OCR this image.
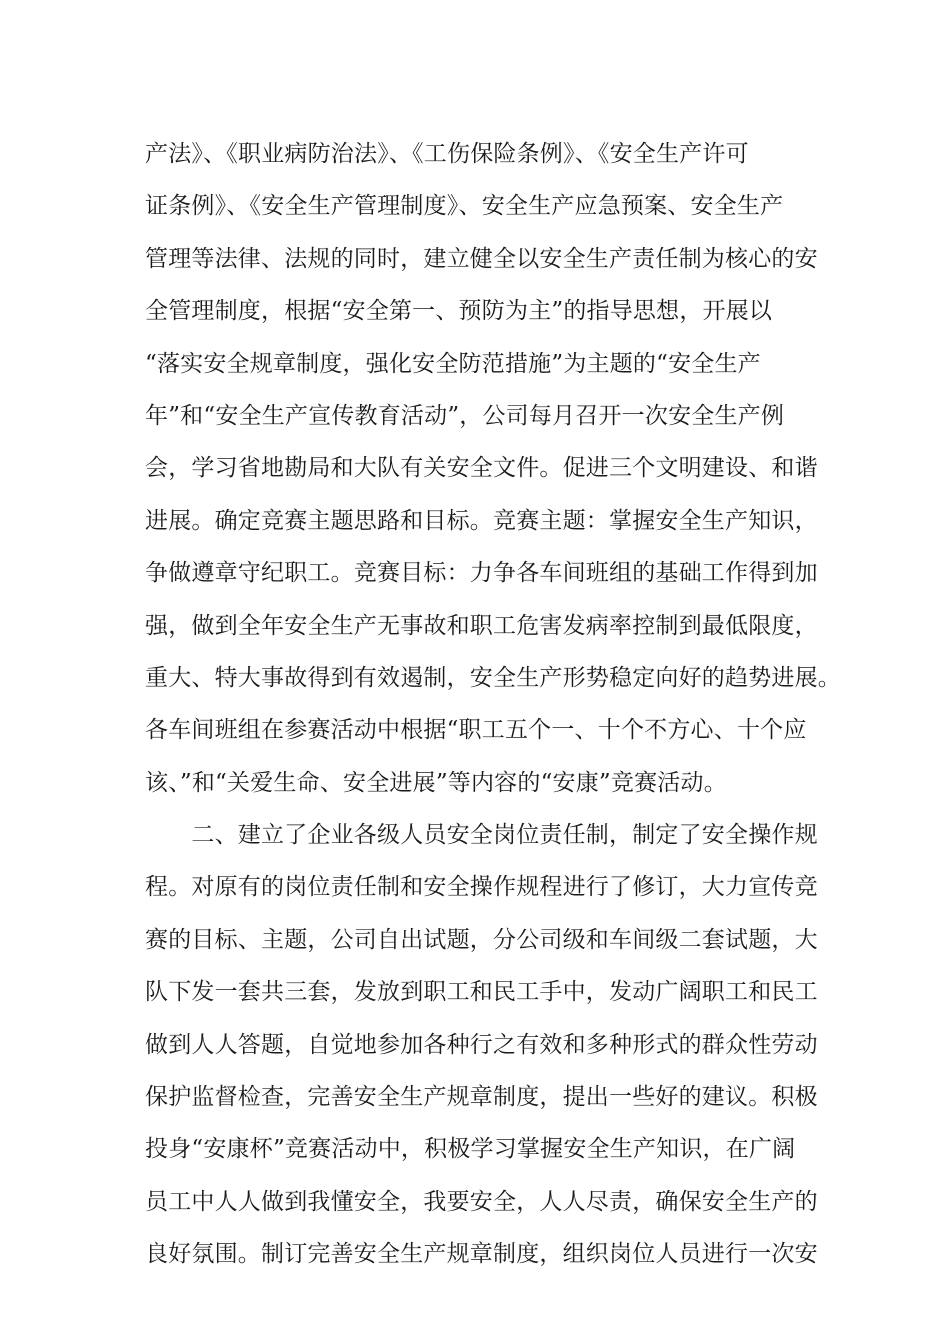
产法》、《职业病防治法》、《工伤保险条例》、《安全生产许可
证条例》、《安全生产管理制度》、安全生产应急预案、安全生产
管理等法律、法规的同时，建立健全以安全生产责任制为核心的安
全管理制度，根据“安全第一、预防为主”的指导思想，开展以
“落实安全规章制度，强化安全防范措施”为主题的“安全生产
年”和“安全生产宣传教育活动”，公司每月召开一次安全生产例
会，学习省地勘局和大队有关安全文件。促进三个文明建设、和谐
进展。确定竞赛主题思路和目标。竞赛主题：掌握安全生产知识，
争做遵章守纪职工。竞赛目标：力争各车间班组的基础工作得到加
强，做到全年安全生产无事故和职工危害发病率控制到最低限度，
重大、特大事故得到有效遏制，安全生产形势稳定向好的趋势进展。
各车间班组在参赛活动中根据“职工五个一、十个不方心、十个应
该、”和“关爱生命、安全进展”等内容的“安康”竞赛活动。
　　二、建立了企业各级人员安全岗位责任制，制定了安全操作规
程。对原有的岗位责任制和安全操作规程进行了修订，大力宣传竞
赛的目标、主题，公司自出试题，分公司级和车间级二套试题，大
队下发一套共三套，发放到职工和民工手中，发动广阔职工和民工
做到人人答题，自觉地参加各种行之有效和多种形式的群众性劳动
保护监督检查，完善安全生产规章制度，提出一些好的建议。积极
投身“安康杯”竞赛活动中，积极学习掌握安全生产知识，在广阔
员工中人人做到我懂安全，我要安全，人人尽责，确保安全生产的
良好氛围。制订完善安全生产规章制度，组织岗位人员进行一次安
